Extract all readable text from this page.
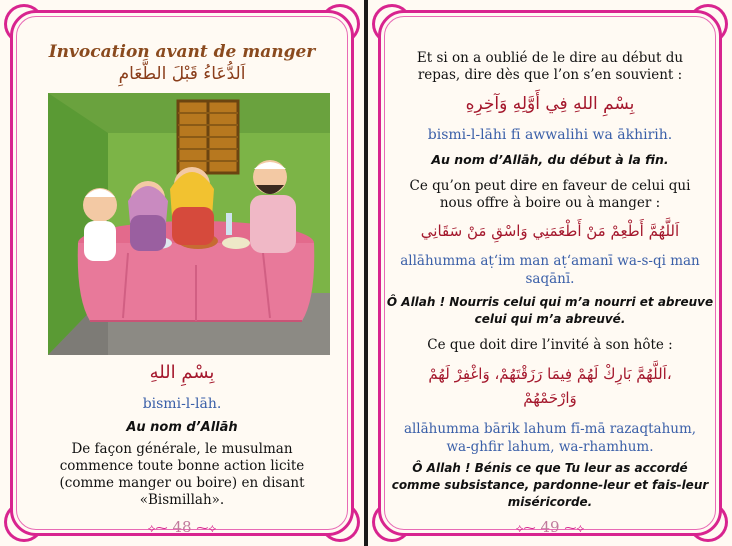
Invocation avant de manger
اَلدُّعَاءُ قَبْلَ الطَّعَامِ
بِسْمِ اللهِ
bismi-l-lāh.
Au nom d’Allāh
De façon générale, le musulman
commence toute bonne action licite
(comme manger ou boire) en disant
«Bismillah».
⟡⁓ 48 ⁓⟡
Et si on a oublié de le dire au début du
repas, dire dès que l’on s’en souvient :
بِسْمِ اللهِ فِي أَوَّلِهِ وَآخِرِهِ
bismi-l-lāhi fī awwalihi wa ākhirih.
Au nom d’Allāh, du début à la fin.
Ce qu’on peut dire en faveur de celui qui
nous offre à boire ou à manger :
اَللَّهُمَّ أَطْعِمْ مَنْ أَطْعَمَنِي وَاسْقِ مَنْ سَقَانِي
allāhumma aṭ‘im man aṭ‘amanī wa-s-qi man
saqānī.
Ô Allah ! Nourris celui qui m’a nourri et abreuve
celui qui m’a abreuvé.
Ce que doit dire l’invité à son hôte :
اَللَّهُمَّ بَارِكْ لَهُمْ فِيمَا رَزَقْتَهُمْ، وَاغْفِرْ لَهُمْ،
وَارْحَمْهُمْ
allāhumma bārik lahum fī-mā razaqtahum,
wa-ghfir lahum, wa-rhamhum.
Ô Allah ! Bénis ce que Tu leur as accordé
comme subsistance, pardonne-leur et fais-leur
miséricorde.
⟡⁓ 49 ⁓⟡
